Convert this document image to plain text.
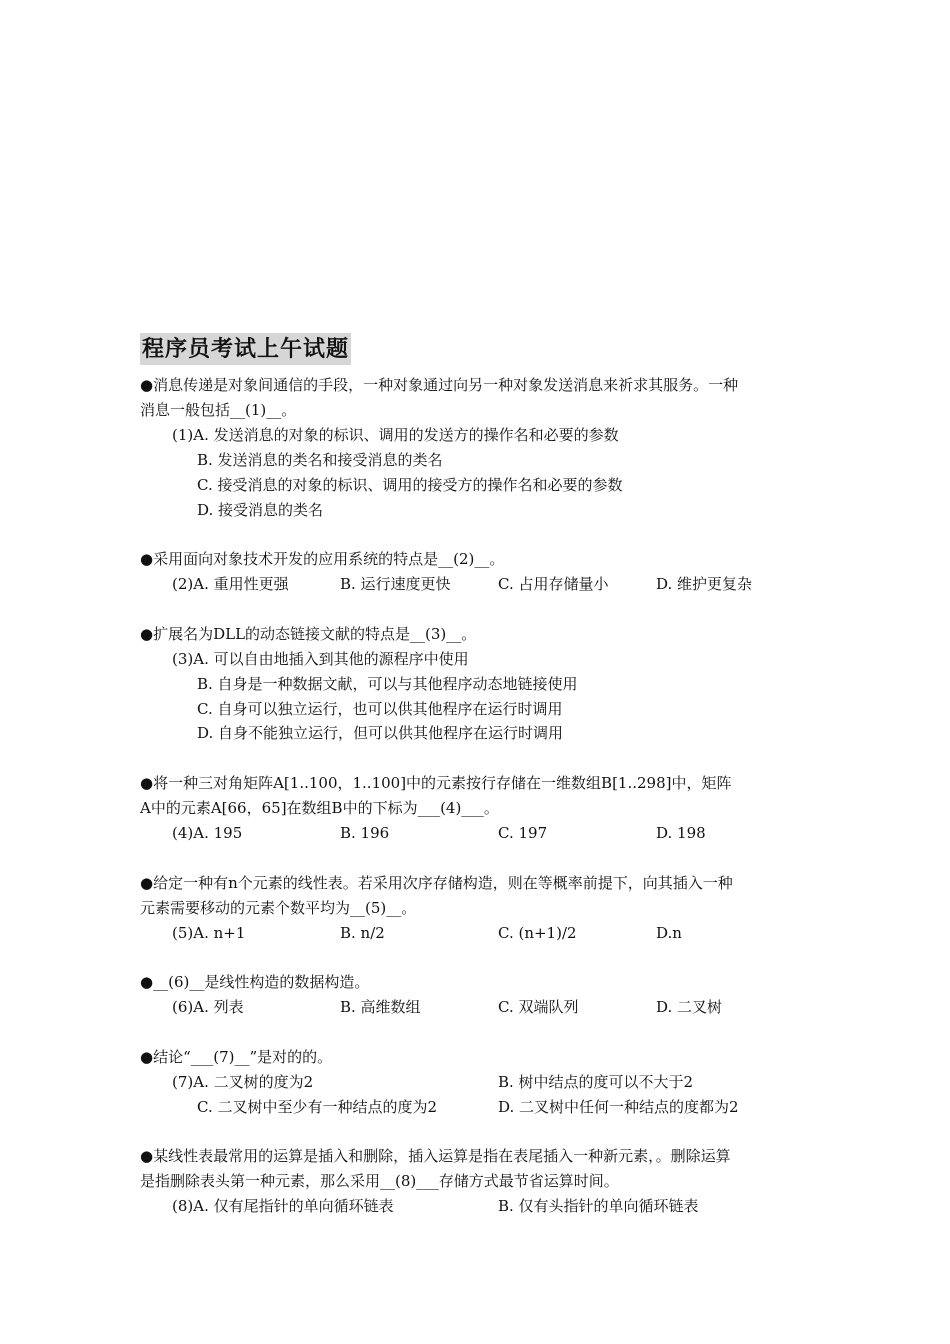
程序员考试上午试题
●消息传递是对象间通信的手段，一种对象通过向另一种对象发送消息来祈求其服务。一种
消息一般包括__(1)__。
(1)A. 发送消息的对象的标识、调用的发送方的操作名和必要的参数
B. 发送消息的类名和接受消息的类名
C. 接受消息的对象的标识、调用的接受方的操作名和必要的参数
D. 接受消息的类名
●采用面向对象技术开发的应用系统的特点是__(2)__。
(2)A. 重用性更强	B. 运行速度更快	C. 占用存储量小	D. 维护更复杂
●扩展名为DLL的动态链接文献的特点是__(3)__。
(3)A. 可以自由地插入到其他的源程序中使用
B. 自身是一种数据文献，可以与其他程序动态地链接使用
C. 自身可以独立运行，也可以供其他程序在运行时调用
D. 自身不能独立运行，但可以供其他程序在运行时调用
●将一种三对角矩阵A[1..100，1..100]中的元素按行存储在一维数组B[1..298]中，矩阵
A中的元素A[66，65]在数组B中的下标为___(4)___。
(4)A. 195	B. 196	C. 197	D. 198
●给定一种有n个元素的线性表。若采用次序存储构造，则在等概率前提下，向其插入一种
元素需要移动的元素个数平均为__(5)__。
(5)A. n+1	B. n/2	C. (n+1)/2	D.n
●__(6)__是线性构造的数据构造。
(6)A. 列表	B. 高维数组	C. 双端队列	D. 二叉树
●结论“___(7)__”是对的的。
(7)A. 二叉树的度为2	B. 树中结点的度可以不大于2
C. 二叉树中至少有一种结点的度为2	D. 二叉树中任何一种结点的度都为2
●某线性表最常用的运算是插入和删除，插入运算是指在表尾插入一种新元素，。删除运算
是指删除表头第一种元素，那么采用__(8)___存储方式最节省运算时间。
(8)A. 仅有尾指针的单向循环链表	B. 仅有头指针的单向循环链表
